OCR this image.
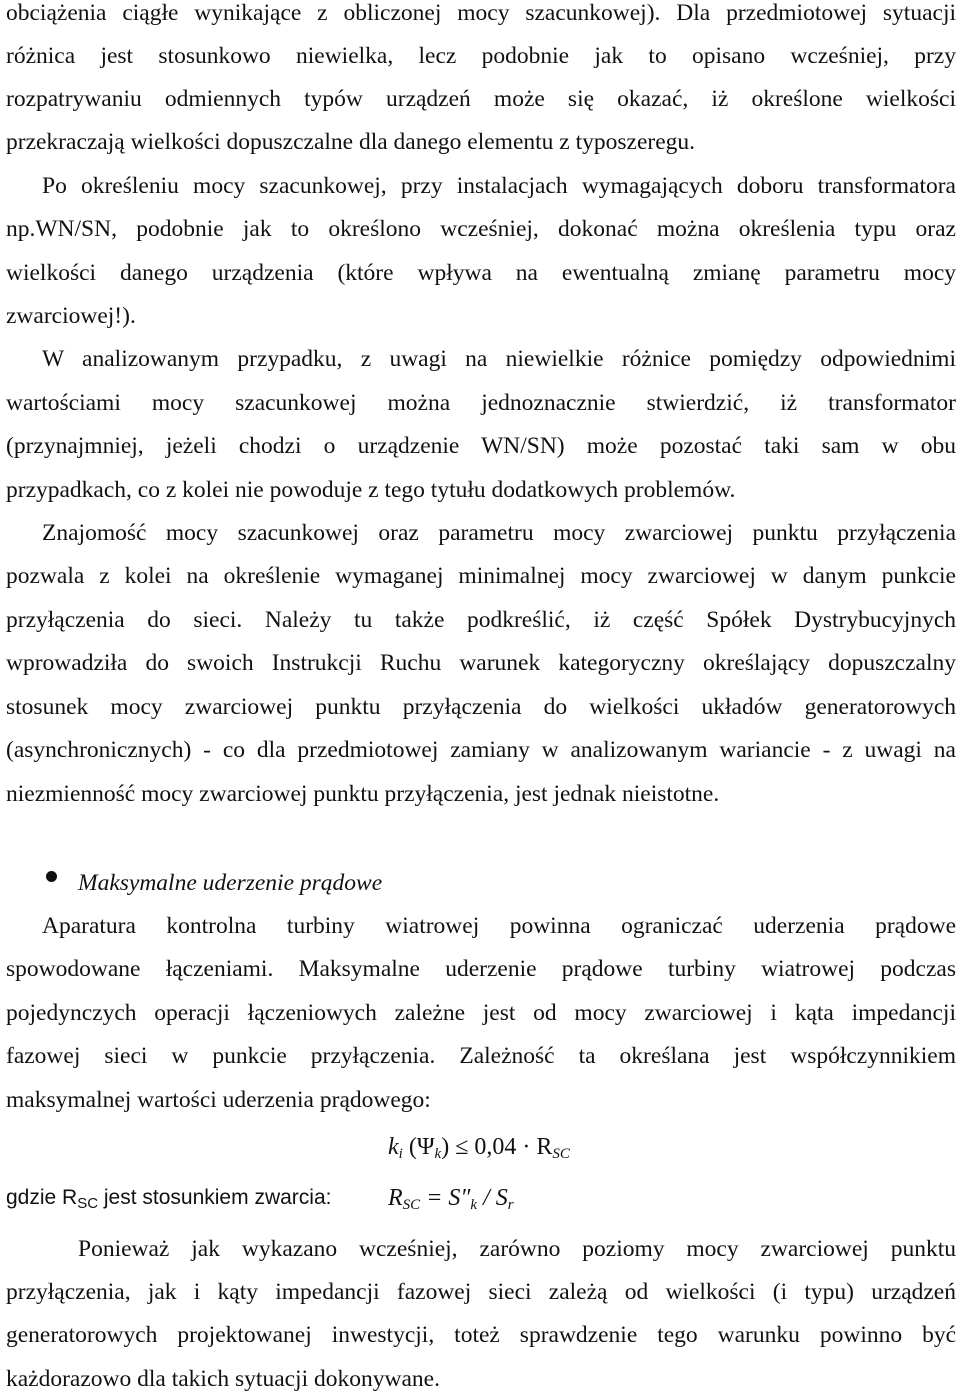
obciążenia ciągłe wynikające z obliczonej mocy szacunkowej). Dla przedmiotowej sytuacji
różnica jest stosunkowo niewielka, lecz podobnie jak to opisano wcześniej, przy
rozpatrywaniu odmiennych typów urządzeń może się okazać, iż określone wielkości
przekraczają wielkości dopuszczalne dla danego elementu z typoszeregu.
Po określeniu mocy szacunkowej, przy instalacjach wymagających doboru transformatora
np.WN/SN, podobnie jak to określono wcześniej, dokonać można określenia typu oraz
wielkości danego urządzenia (które wpływa na ewentualną zmianę parametru mocy
zwarciowej!).
W analizowanym przypadku, z uwagi na niewielkie różnice pomiędzy odpowiednimi
wartościami mocy szacunkowej można jednoznacznie stwierdzić, iż transformator
(przynajmniej, jeżeli chodzi o urządzenie WN/SN) może pozostać taki sam w obu
przypadkach, co z kolei nie powoduje z tego tytułu dodatkowych problemów.
Znajomość mocy szacunkowej oraz parametru mocy zwarciowej punktu przyłączenia
pozwala z kolei na określenie wymaganej minimalnej mocy zwarciowej w danym punkcie
przyłączenia do sieci. Należy tu także podkreślić, iż część Spółek Dystrybucyjnych
wprowadziła do swoich Instrukcji Ruchu warunek kategoryczny określający dopuszczalny
stosunek mocy zwarciowej punktu przyłączenia do wielkości układów generatorowych
(asynchronicznych) - co dla przedmiotowej zamiany w analizowanym wariancie - z uwagi na
niezmienność mocy zwarciowej punktu przyłączenia, jest jednak nieistotne.
Maksymalne uderzenie prądowe
Aparatura kontrolna turbiny wiatrowej powinna ograniczać uderzenia prądowe
spowodowane łączeniami. Maksymalne uderzenie prądowe turbiny wiatrowej podczas
pojedynczych operacji łączeniowych zależne jest od mocy zwarciowej i kąta impedancji
fazowej sieci w punkcie przyłączenia. Zależność ta określana jest współczynnikiem
maksymalnej wartości uderzenia prądowego:
$k_i$ $(\Psi_k) \le 0,04 \cdot R_{SC}$
gdzie $R_{SC}$ jest stosunkiem zwarcia: $R_{SC} = S''_k / S_r$
Ponieważ jak wykazano wcześniej, zarówno poziomy mocy zwarciowej punktu
przyłączenia, jak i kąty impedancji fazowej sieci zależą od wielkości (i typu) urządzeń
generatorowych projektowanej inwestycji, toteż sprawdzenie tego warunku powinno być
każdorazowo dla takich sytuacji dokonywane.
